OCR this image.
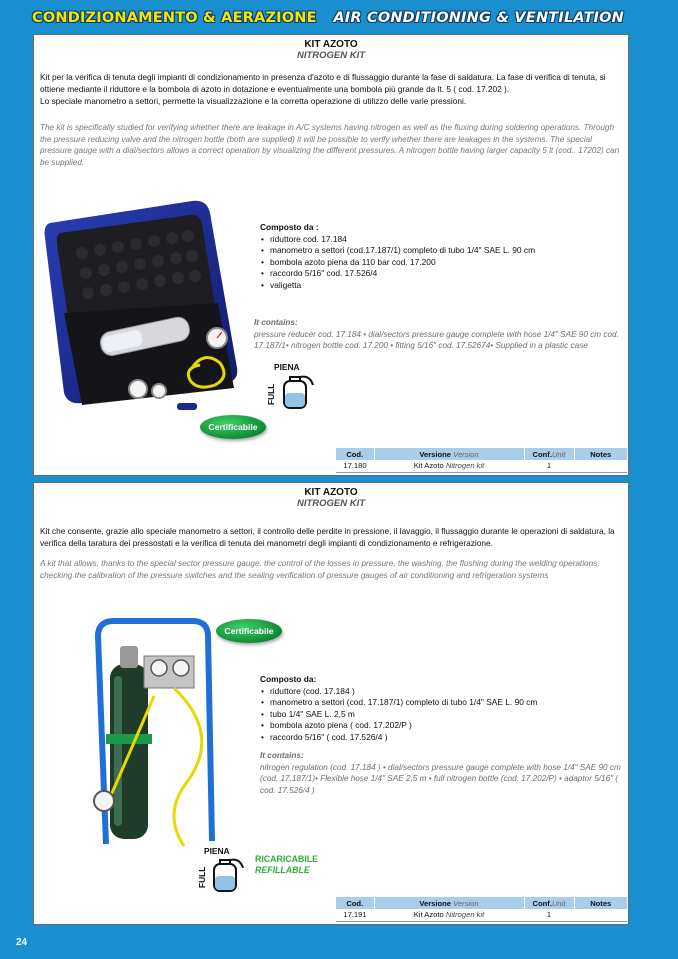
CONDIZIONAMENTO & AERAZIONE AIR CONDITIONING & VENTILATION
KIT AZOTO
NITROGEN KIT

Kit per la verifica di tenuta degli impianti di condizionamento in presenza d'azoto e di flussaggio durante la fase di saldatura. La fase di verifica di tenuta, si ottiene mediante il riduttore e la bombola di azoto in dotazione e eventualmente una bombola più grande da lt. 5 ( cod. 17.202 ).

Lo speciale manometro a settori, permette la visualizzazione e la corretta operazione di utilizzo delle varie pressioni.

The kit is specifically studied for verifying whether there are leakage in A/C systems having nitrogen as well as the fluxing during soldering operations. Through the pressure reducing valve and the nitrogen bottle (both are supplied) it will be possible to verify whether there are leakages in the systems. The special pressure gauge with a dial/sectors allows a correct operation by visualizing the different pressures. A nitrogen bottle having larger capacity 5 lt (cod.. 17202) can be supplied.
Composto da :
• riduttore cod. 17.184
• manometro a settori (cod.17.187/1) completo di tubo 1/4" SAE L. 90 cm
• bombola azoto piena da 110 bar cod. 17.200
• raccordo 5/16" cod. 17.526/4
• valigetta
It contains:
pressure reducer cod. 17.184 • dial/sectors pressure gauge complete with hose 1/4" SAE 90 cm cod. 17.187/1• nitrogen bottle cod. 17.200 • fitting 5/16" cod. 17.52674• Supplied in a plastic case
PIENA
FULL
Certificabile
Cod.	Versione Version	Conf.Unit	Notes
17.180	Kit Azoto Nitrogen kit	1	
KIT AZOTO
NITROGEN KIT

Kit che consente, grazie allo speciale manometro a settori, il controllo delle perdite in pressione, il lavaggio, il flussaggio durante le operazioni di saldatura, la verifica della taratura dei pressostati e la verifica di tenuta dei manometri degli impianti di condizionamento e refrigerazione.

A kit that allows, thanks to the special sector pressure gauge, the control of the losses in pressure, the washing, the flushing during the welding operations, checking the calibration of the pressure switches and the sealing verification of pressure gauges of air conditioning and refrigeration systems
Certificabile
Composto da:
• riduttore (cod. 17.184 )
• manometro a settori (cod. 17.187/1) completo di tubo 1/4" SAE L. 90 cm
• tubo 1/4" SAE L. 2,5 m
• bombola azoto piena ( cod. 17.202/P )
• raccordo 5/16" ( cod. 17.526/4 )
It contains:
nitrogen regulation (cod. 17.184 ) • dial/sectors pressure gauge complete with hose 1/4" SAE 90 cm (cod. 17.187/1)• Flexible hose 1/4" SAE 2,5 m • full nitrogen bottle (cod. 17.202/P) • adaptor 5/16" ( cod. 17.526/4 )
PIENA
FULL
RICARICABILE
REFILLABLE
Cod.	Versione Version	Conf.Unit	Notes
17.191	Kit Azoto Nitrogen kit	1	
24
